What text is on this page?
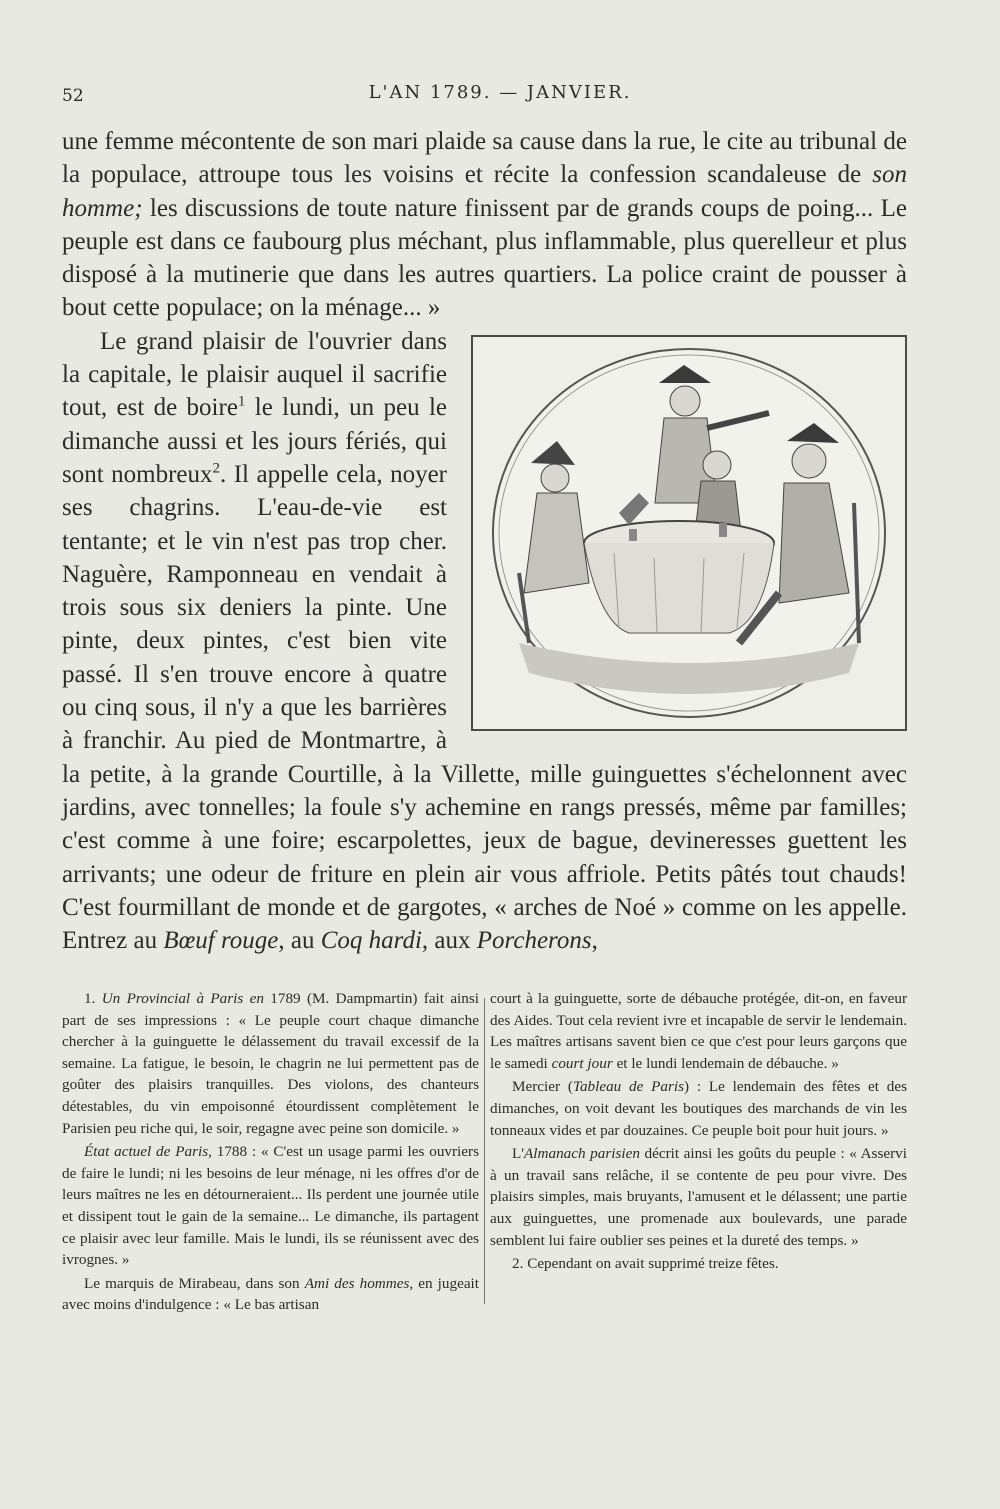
52	L'AN 1789. — JANVIER.

une femme mécontente de son mari plaide sa cause dans la rue, le cite au tribunal de la populace, attroupe tous les voisins et récite la confession scandaleuse de son homme; les discussions de toute nature finissent par de grands coups de poing... Le peuple est dans ce faubourg plus méchant, plus inflammable, plus querelleur et plus disposé à la mutinerie que dans les autres quartiers. La police craint de pousser à bout cette populace; on la ménage... »

Le grand plaisir de l'ouvrier dans la capitale, le plaisir auquel il sacrifie tout, est de boire$^1$ le lundi, un peu le dimanche aussi et les jours fériés, qui sont nombreux$^2$. Il appelle cela, noyer ses chagrins. L'eau-de-vie est tentante; et le vin n'est pas trop cher. Naguère, Ramponneau en vendait à trois sous six deniers la pinte. Une pinte, deux pintes, c'est bien vite passé. Il s'en trouve encore à quatre ou cinq sous, il n'y a que les barrières à franchir. Au pied de Montmartre, à la petite, à la grande Courtille, à la Villette, mille guinguettes s'échelonnent avec jardins, avec tonnelles; la foule s'y achemine en rangs pressés, même par familles; c'est comme à une foire; escarpolettes, jeux de bague, devineresses guettent les arrivants; une odeur de friture en plein air vous affriole. Petits pâtés tout chauds! C'est fourmillant de monde et de gargotes, « arches de Noé » comme on les appelle. Entrez au Bœuf rouge, au Coq hardi, aux Porcherons,

1. Un Provincial à Paris en 1789 (M. Dampmartin) fait ainsi part de ses impressions : « Le peuple court chaque dimanche chercher à la guinguette le délassement du travail excessif de la semaine. La fatigue, le besoin, le chagrin ne lui permettent pas de goûter des plaisirs tranquilles. Des violons, des chanteurs détestables, du vin empoisonné étourdissent complètement le Parisien peu riche qui, le soir, regagne avec peine son domicile. »

État actuel de Paris, 1788 : « C'est un usage parmi les ouvriers de faire le lundi; ni les besoins de leur ménage, ni les offres d'or de leurs maîtres ne les en détourneraient... Ils perdent une journée utile et dissipent tout le gain de la semaine... Le dimanche, ils partagent ce plaisir avec leur famille. Mais le lundi, ils se réunissent avec des ivrognes. »

Le marquis de Mirabeau, dans son Ami des hommes, en jugeait avec moins d'indulgence : « Le bas artisan

court à la guinguette, sorte de débauche protégée, dit-on, en faveur des Aides. Tout cela revient ivre et incapable de servir le lendemain. Les maîtres artisans savent bien ce que c'est pour leurs garçons que le samedi court jour et le lundi lendemain de débauche. »

Mercier (Tableau de Paris) : Le lendemain des fêtes et des dimanches, on voit devant les boutiques des marchands de vin les tonneaux vides et par douzaines. Ce peuple boit pour huit jours. »

L'Almanach parisien décrit ainsi les goûts du peuple : « Asservi à un travail sans relâche, il se contente de peu pour vivre. Des plaisirs simples, mais bruyants, l'amusent et le délassent; une partie aux guinguettes, une promenade aux boulevards, une parade semblent lui faire oublier ses peines et la dureté des temps. »

2. Cependant on avait supprimé treize fêtes.
